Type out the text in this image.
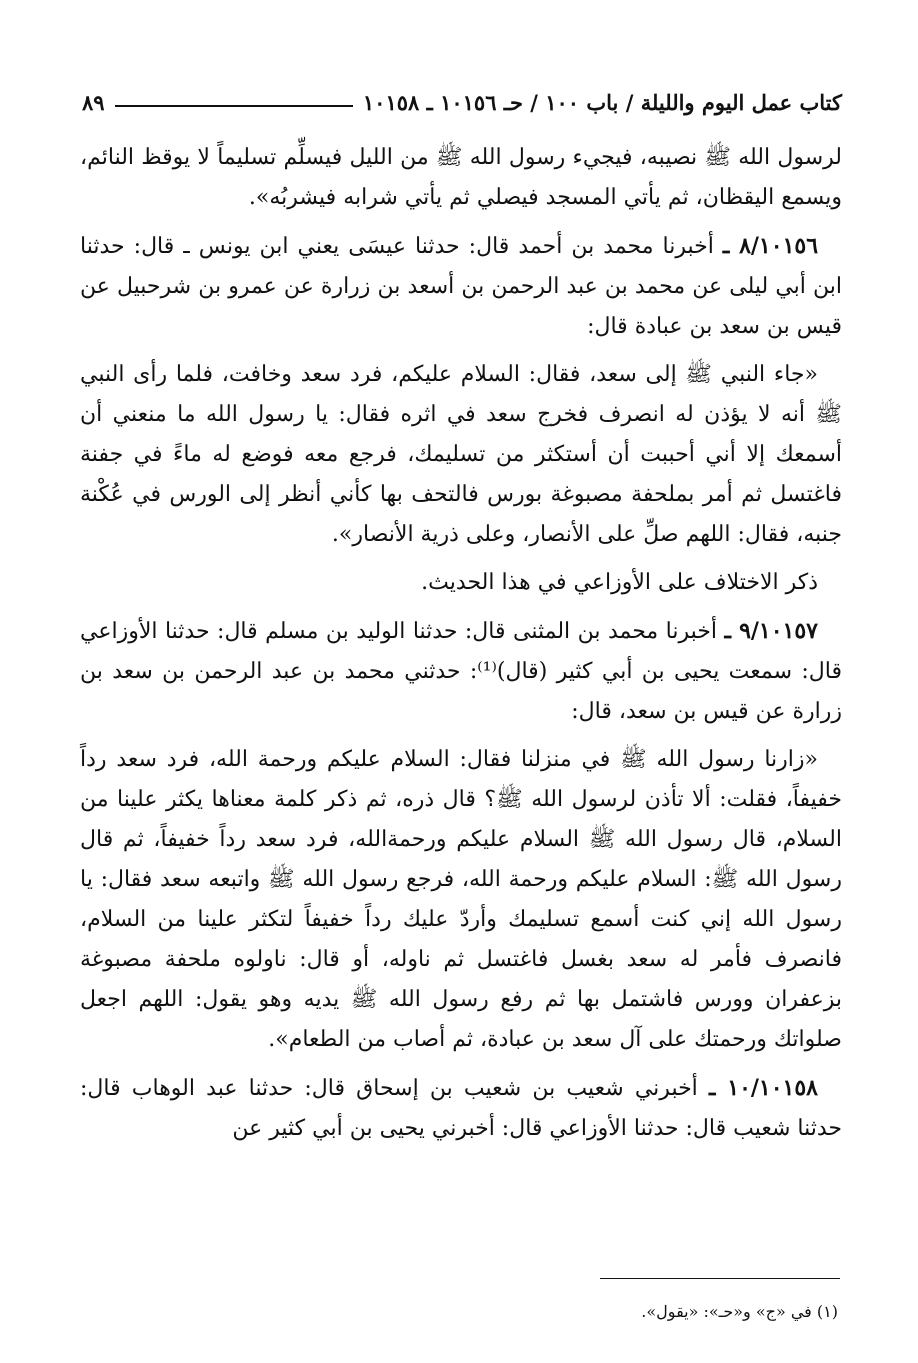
كتاب عمل اليوم والليلة / باب ١٠٠ / حـ ١٠١٥٦ ـ ١٠١٥٨
٨٩

لرسول الله ﷺ نصيبه، فيجيء رسول الله ﷺ من الليل فيسلِّم تسليماً لا يوقظ النائم، ويسمع اليقظان، ثم يأتي المسجد فيصلي ثم يأتي شرابه فيشربُه».

٨/١٠١٥٦ ـ أخبرنا محمد بن أحمد قال: حدثنا عيسَى يعني ابن يونس ـ قال: حدثنا ابن أبي ليلى عن محمد بن عبد الرحمن بن أسعد بن زرارة عن عمرو بن شرحبيل عن قيس بن سعد بن عبادة قال:

«جاء النبي ﷺ إلى سعد، فقال: السلام عليكم، فرد سعد وخافت، فلما رأى النبي ﷺ أنه لا يؤذن له انصرف فخرج سعد في اثره فقال: يا رسول الله ما منعني أن أسمعك إلا أني أحببت أن أستكثر من تسليمك، فرجع معه فوضع له ماءً في جفنة فاغتسل ثم أمر بملحفة مصبوغة بورس فالتحف بها كأني أنظر إلى الورس في عُكْنة جنبه، فقال: اللهم صلِّ على الأنصار، وعلى ذرية الأنصار».

ذكر الاختلاف على الأوزاعي في هذا الحديث.

٩/١٠١٥٧ ـ أخبرنا محمد بن المثنى قال: حدثنا الوليد بن مسلم قال: حدثنا الأوزاعي قال: سمعت يحيى بن أبي كثير (قال)⁽¹⁾: حدثني محمد بن عبد الرحمن بن سعد بن زرارة عن قيس بن سعد، قال:

«زارنا رسول الله ﷺ في منزلنا فقال: السلام عليكم ورحمة الله، فرد سعد رداً خفيفاً، فقلت: ألا تأذن لرسول الله ﷺ؟ قال ذره، ثم ذكر كلمة معناها يكثر علينا من السلام، قال رسول الله ﷺ السلام عليكم ورحمةالله، فرد سعد رداً خفيفاً، ثم قال رسول الله ﷺ: السلام عليكم ورحمة الله، فرجع رسول الله ﷺ واتبعه سعد فقال: يا رسول الله إني كنت أسمع تسليمك وأردّ عليك رداً خفيفاً لتكثر علينا من السلام، فانصرف فأمر له سعد بغسل فاغتسل ثم ناوله، أو قال: ناولوه ملحفة مصبوغة بزعفران وورس فاشتمل بها ثم رفع رسول الله ﷺ يديه وهو يقول: اللهم اجعل صلواتك ورحمتك على آل سعد بن عبادة، ثم أصاب من الطعام».

١٠/١٠١٥٨ ـ أخبرني شعيب بن شعيب بن إسحاق قال: حدثنا عبد الوهاب قال: حدثنا شعيب قال: حدثنا الأوزاعي قال: أخبرني يحيى بن أبي كثير عن

(١) في «ج» و«حـ»: «يقول».
